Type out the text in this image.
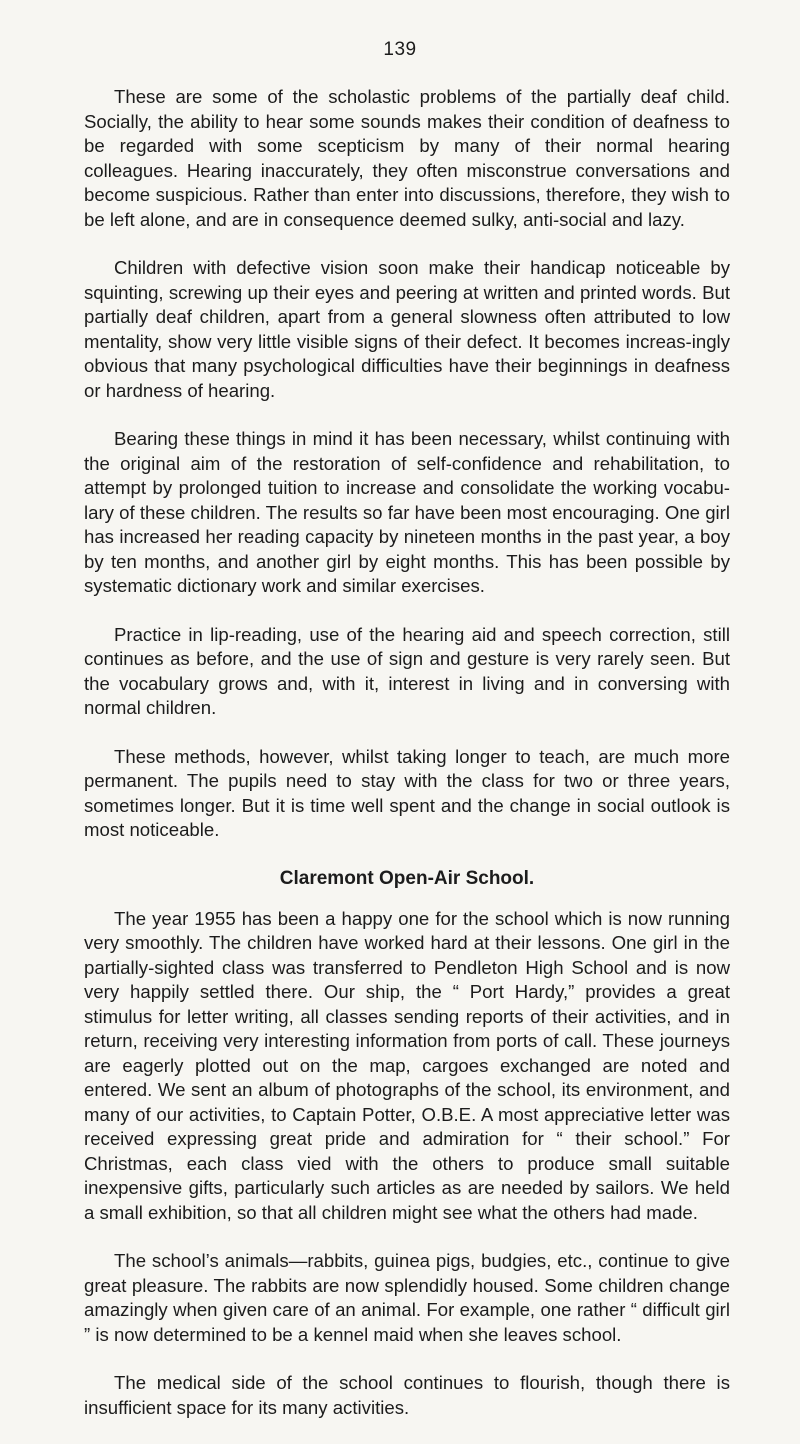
139

These are some of the scholastic problems of the partially deaf child. Socially, the ability to hear some sounds makes their condition of deafness to be regarded with some scepticism by many of their normal hearing colleagues. Hearing inaccurately, they often misconstrue conversations and become suspicious. Rather than enter into discussions, therefore, they wish to be left alone, and are in consequence deemed sulky, anti-social and lazy.

Children with defective vision soon make their handicap noticeable by squinting, screwing up their eyes and peering at written and printed words. But partially deaf children, apart from a general slowness often attributed to low mentality, show very little visible signs of their defect. It becomes increas-ingly obvious that many psychological difficulties have their beginnings in deafness or hardness of hearing.

Bearing these things in mind it has been necessary, whilst continuing with the original aim of the restoration of self-confidence and rehabilitation, to attempt by prolonged tuition to increase and consolidate the working vocabu-lary of these children. The results so far have been most encouraging. One girl has increased her reading capacity by nineteen months in the past year, a boy by ten months, and another girl by eight months. This has been possible by systematic dictionary work and similar exercises.

Practice in lip-reading, use of the hearing aid and speech correction, still continues as before, and the use of sign and gesture is very rarely seen. But the vocabulary grows and, with it, interest in living and in conversing with normal children.

These methods, however, whilst taking longer to teach, are much more permanent. The pupils need to stay with the class for two or three years, sometimes longer. But it is time well spent and the change in social outlook is most noticeable.

Claremont Open-Air School.

The year 1955 has been a happy one for the school which is now running very smoothly. The children have worked hard at their lessons. One girl in the partially-sighted class was transferred to Pendleton High School and is now very happily settled there. Our ship, the “ Port Hardy,” provides a great stimulus for letter writing, all classes sending reports of their activities, and in return, receiving very interesting information from ports of call. These journeys are eagerly plotted out on the map, cargoes exchanged are noted and entered. We sent an album of photographs of the school, its environment, and many of our activities, to Captain Potter, O.B.E. A most appreciative letter was received expressing great pride and admiration for “ their school.” For Christmas, each class vied with the others to produce small suitable inexpensive gifts, particularly such articles as are needed by sailors. We held a small exhibition, so that all children might see what the others had made.

The school’s animals—rabbits, guinea pigs, budgies, etc., continue to give great pleasure. The rabbits are now splendidly housed. Some children change amazingly when given care of an animal. For example, one rather “ difficult girl ” is now determined to be a kennel maid when she leaves school.

The medical side of the school continues to flourish, though there is insufficient space for its many activities.
